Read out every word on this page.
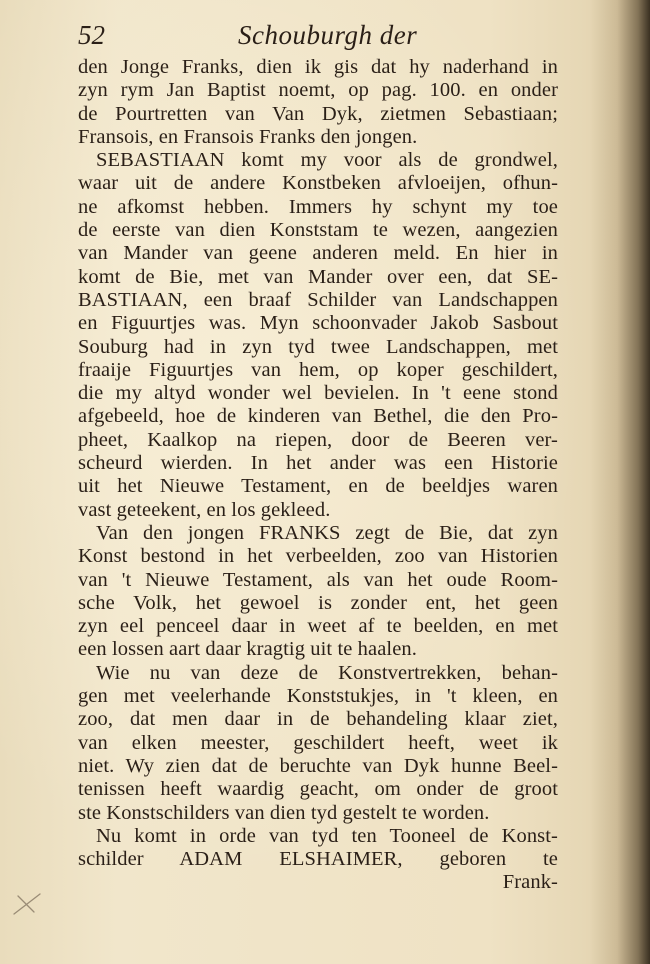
52	Schouburgh der
den Jonge Franks, dien ik gis dat hy naderhand in
zyn rym Jan Baptist noemt, op pag. 100. en onder
de Pourtretten van Van Dyk, zietmen Sebastiaan;
Fransois, en Fransois Franks den jongen.
SEBASTIAAN komt my voor als de grondwel,
waar uit de andere Konstbeken afvloeijen, ofhun-
ne afkomst hebben. Immers hy schynt my toe
de eerste van dien Konststam te wezen, aangezien
van Mander van geene anderen meld. En hier in
komt de Bie, met van Mander over een, dat SE-
BASTIAAN, een braaf Schilder van Landschappen
en Figuurtjes was. Myn schoonvader Jakob Sasbout
Souburg had in zyn tyd twee Landschappen, met
fraaije Figuurtjes van hem, op koper geschildert,
die my altyd wonder wel bevielen. In 't eene stond
afgebeeld, hoe de kinderen van Bethel, die den Pro-
pheet, Kaalkop na riepen, door de Beeren ver-
scheurd wierden. In het ander was een Historie
uit het Nieuwe Testament, en de beeldjes waren
vast geteekent, en los gekleed.
Van den jongen FRANKS zegt de Bie, dat zyn
Konst bestond in het verbeelden, zoo van Historien
van 't Nieuwe Testament, als van het oude Room-
sche Volk, het gewoel is zonder ent, het geen
zyn eel penceel daar in weet af te beelden, en met
een lossen aart daar kragtig uit te haalen.
Wie nu van deze de Konstvertrekken, behan-
gen met veelerhande Konststukjes, in 't kleen, en
zoo, dat men daar in de behandeling klaar ziet,
van elken meester, geschildert heeft, weet ik
niet. Wy zien dat de beruchte van Dyk hunne Beel-
tenissen heeft waardig geacht, om onder de groot
ste Konstschilders van dien tyd gestelt te worden.
Nu komt in orde van tyd ten Tooneel de Konst-
schilder ADAM ELSHAIMER, geboren te
Frank-
